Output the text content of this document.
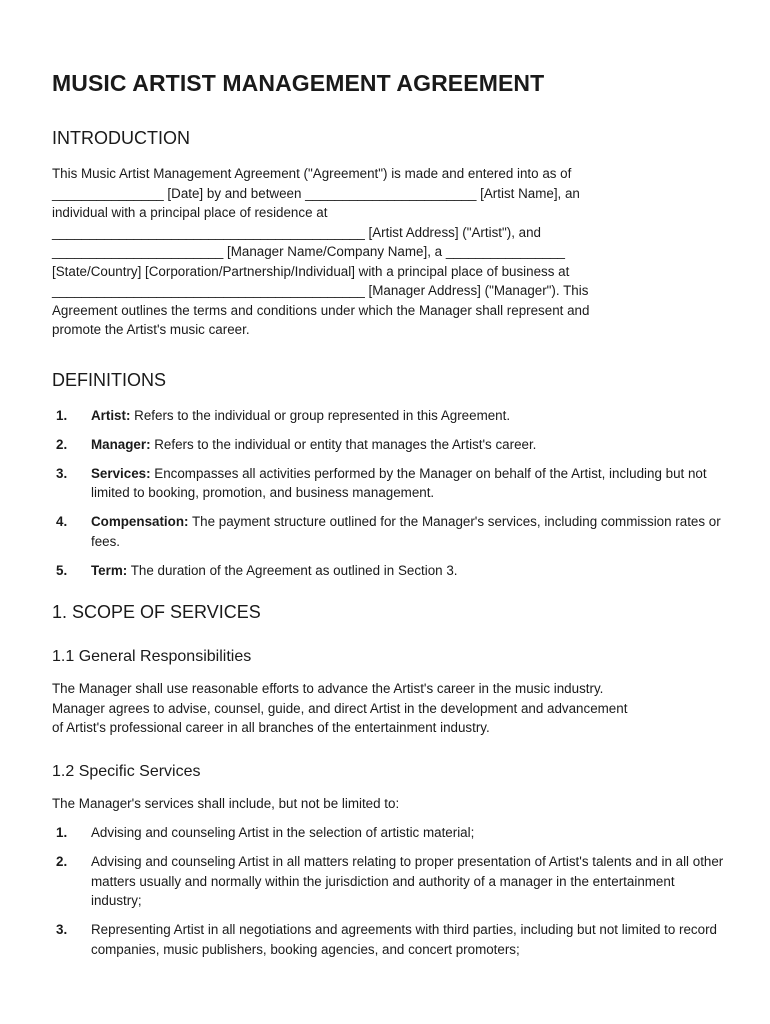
MUSIC ARTIST MANAGEMENT AGREEMENT
INTRODUCTION

This Music Artist Management Agreement ("Agreement") is made and entered into as of
_______________ [Date] by and between _______________________ [Artist Name], an
individual with a principal place of residence at
__________________________________________ [Artist Address] ("Artist"), and
_______________________ [Manager Name/Company Name], a ________________
[State/Country] [Corporation/Partnership/Individual] with a principal place of business at
__________________________________________ [Manager Address] ("Manager"). This
Agreement outlines the terms and conditions under which the Manager shall represent and
promote the Artist's music career.

DEFINITIONS
1. Artist: Refers to the individual or group represented in this Agreement.
2. Manager: Refers to the individual or entity that manages the Artist's career.
3. Services: Encompasses all activities performed by the Manager on behalf of the Artist, including but not limited to booking, promotion, and business management.
4. Compensation: The payment structure outlined for the Manager's services, including commission rates or fees.
5. Term: The duration of the Agreement as outlined in Section 3.
1. SCOPE OF SERVICES
1.1 General Responsibilities

The Manager shall use reasonable efforts to advance the Artist's career in the music industry.
Manager agrees to advise, counsel, guide, and direct Artist in the development and advancement
of Artist's professional career in all branches of the entertainment industry.

1.2 Specific Services

The Manager's services shall include, but not be limited to:

1. Advising and counseling Artist in the selection of artistic material;
2. Advising and counseling Artist in all matters relating to proper presentation of Artist's talents and in all other matters usually and normally within the jurisdiction and authority of a manager in the entertainment industry;
3. Representing Artist in all negotiations and agreements with third parties, including but not limited to record companies, music publishers, booking agencies, and concert promoters;
